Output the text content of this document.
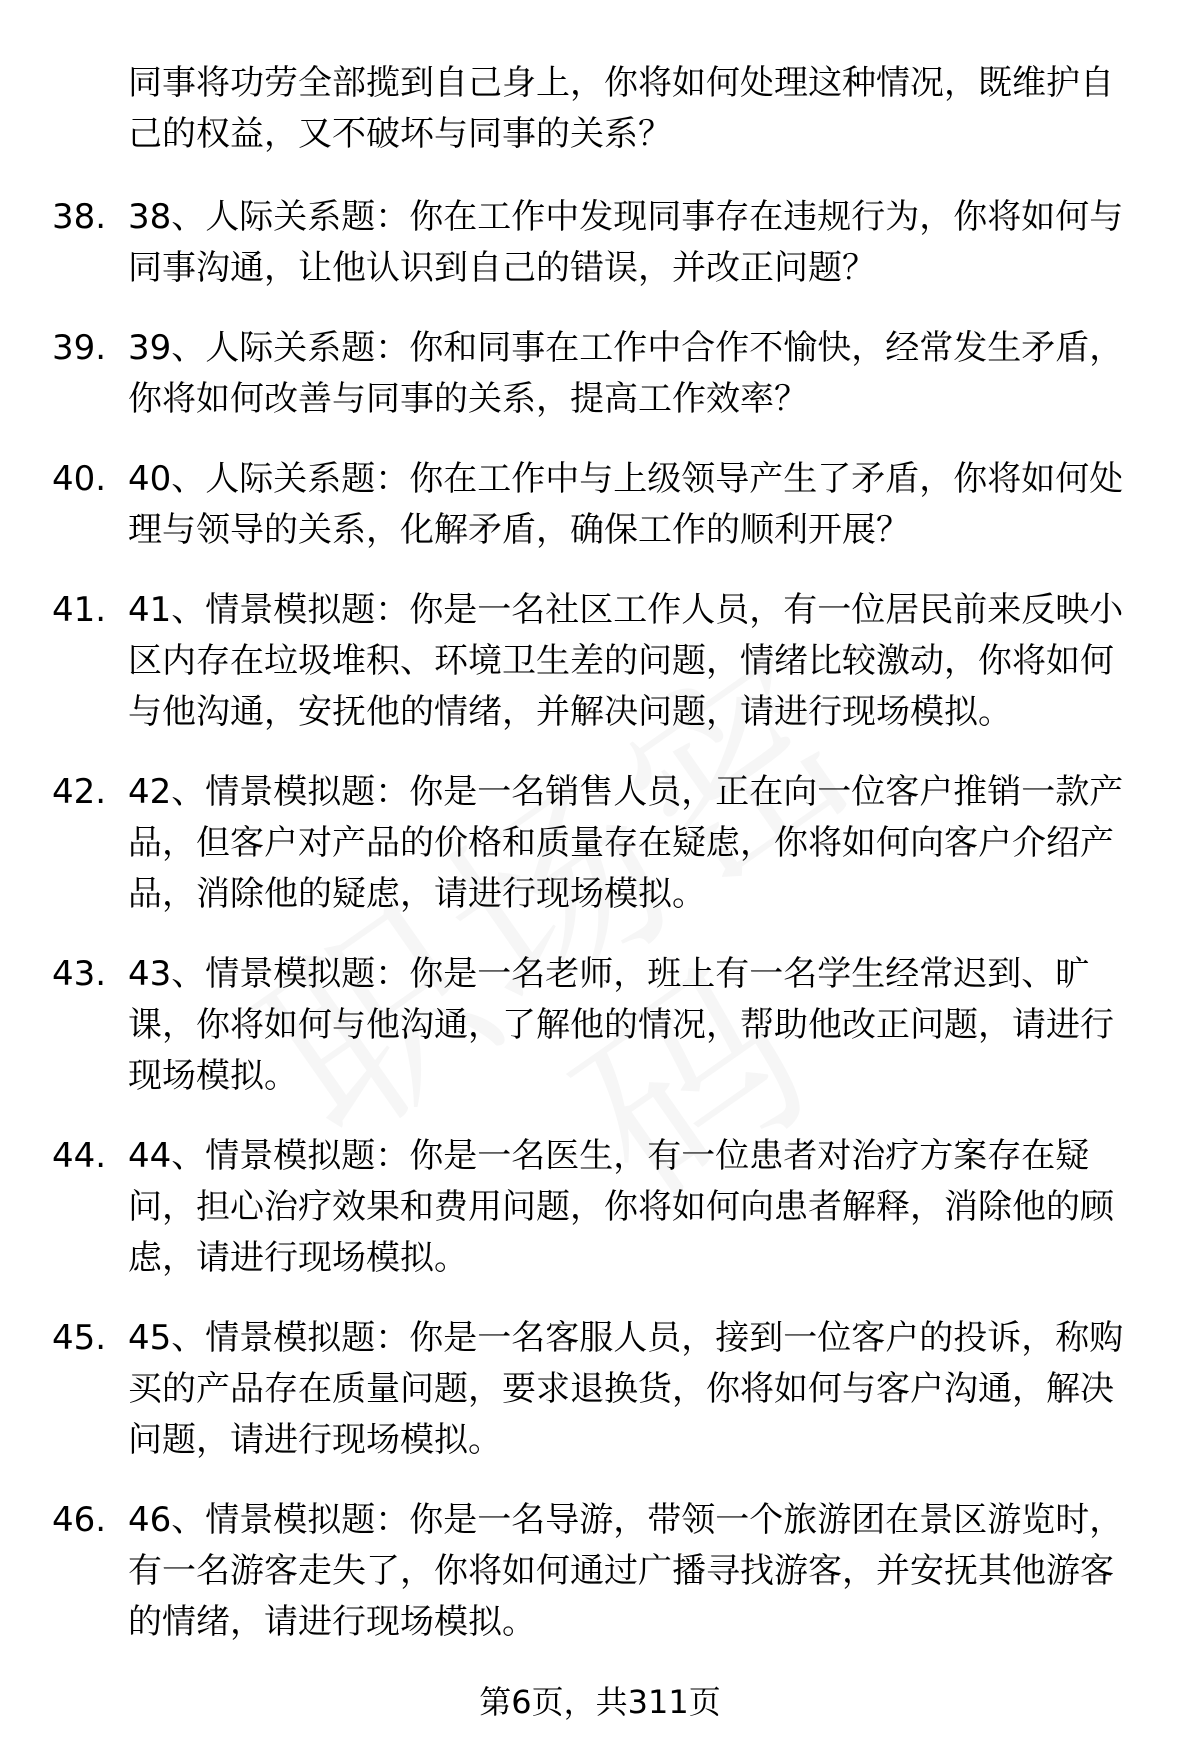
同事将功劳全部揽到自己身上，你将如何处理这种情况，既维护自己的权益，又不破坏与同事的关系？
38. 38、人际关系题：你在工作中发现同事存在违规行为，你将如何与同事沟通，让他认识到自己的错误，并改正问题？
39. 39、人际关系题：你和同事在工作中合作不愉快，经常发生矛盾，你将如何改善与同事的关系，提高工作效率？
40. 40、人际关系题：你在工作中与上级领导产生了矛盾，你将如何处理与领导的关系，化解矛盾，确保工作的顺利开展？
41. 41、情景模拟题：你是一名社区工作人员，有一位居民前来反映小区内存在垃圾堆积、环境卫生差的问题，情绪比较激动，你将如何与他沟通，安抚他的情绪，并解决问题，请进行现场模拟。
42. 42、情景模拟题：你是一名销售人员，正在向一位客户推销一款产品，但客户对产品的价格和质量存在疑虑，你将如何向客户介绍产品，消除他的疑虑，请进行现场模拟。
43. 43、情景模拟题：你是一名老师，班上有一名学生经常迟到、旷课，你将如何与他沟通，了解他的情况，帮助他改正问题，请进行现场模拟。
44. 44、情景模拟题：你是一名医生，有一位患者对治疗方案存在疑问，担心治疗效果和费用问题，你将如何向患者解释，消除他的顾虑，请进行现场模拟。
45. 45、情景模拟题：你是一名客服人员，接到一位客户的投诉，称购买的产品存在质量问题，要求退换货，你将如何与客户沟通，解决问题，请进行现场模拟。
46. 46、情景模拟题：你是一名导游，带领一个旅游团在景区游览时，有一名游客走失了，你将如何通过广播寻找游客，并安抚其他游客的情绪，请进行现场模拟。
第6页，共311页
